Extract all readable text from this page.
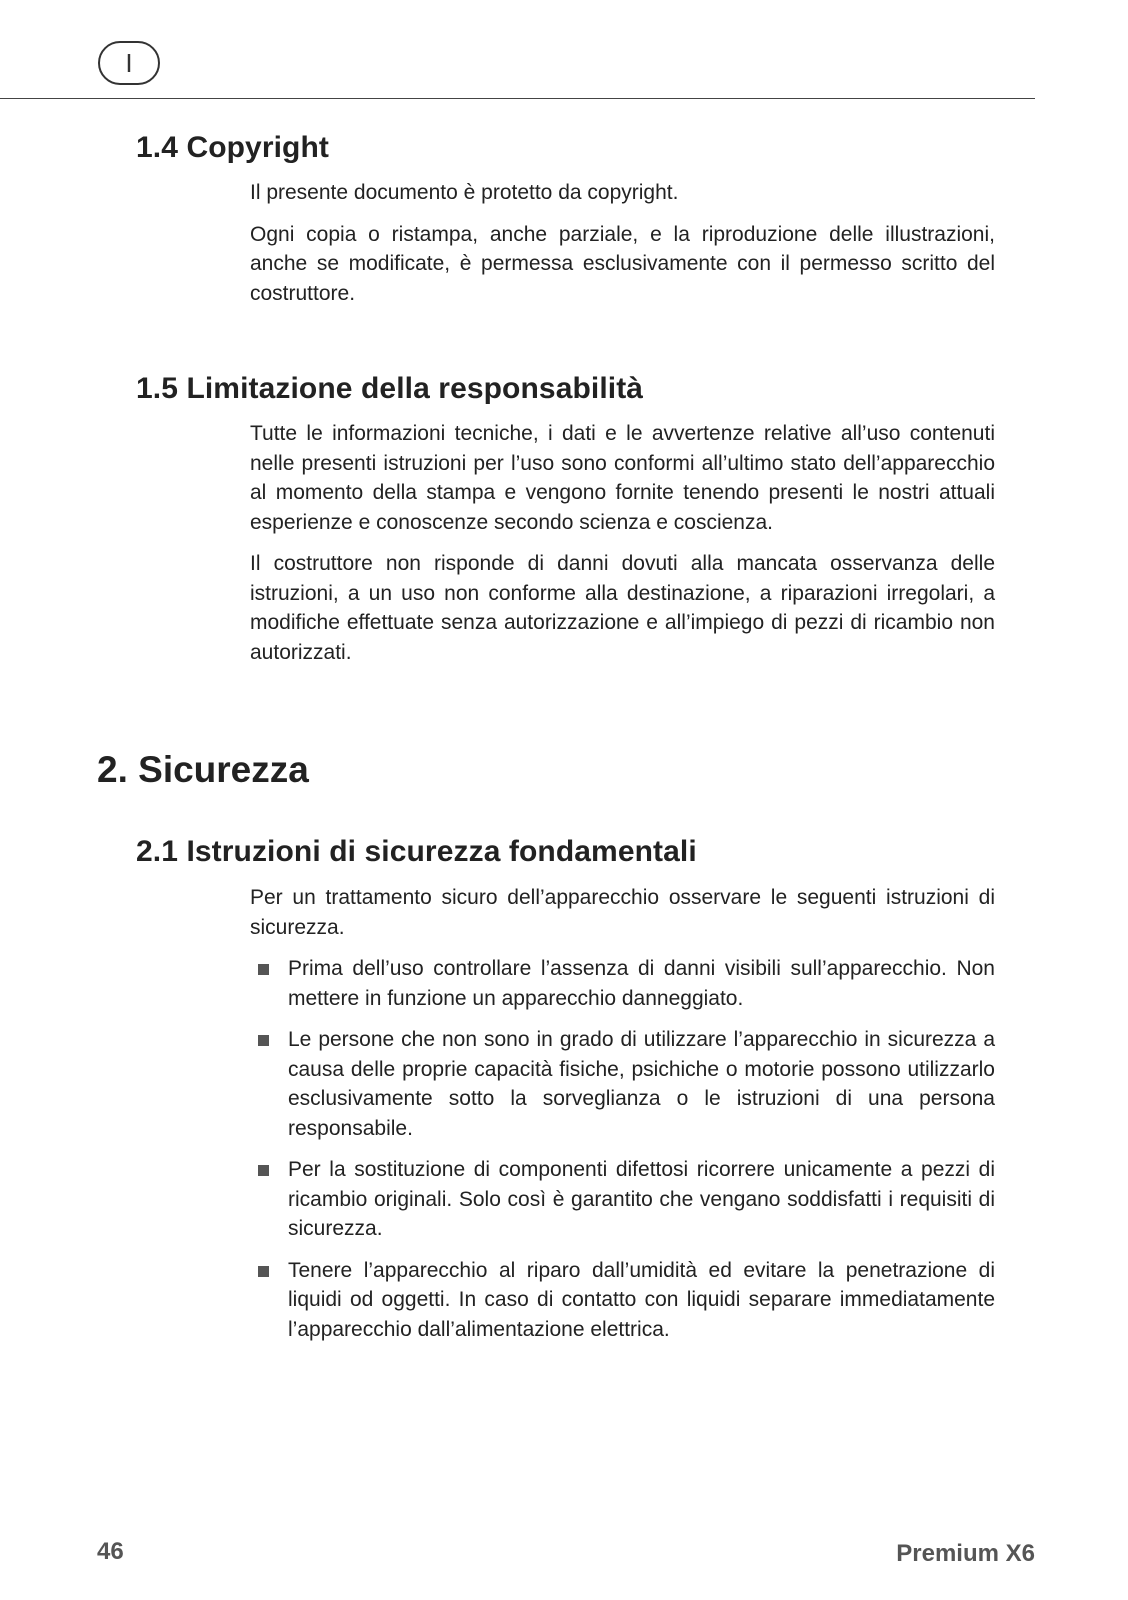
I
1.4 Copyright

Il presente documento è protetto da copyright.

Ogni copia o ristampa, anche parziale, e la riproduzione delle illustrazioni, anche se modificate, è permessa esclusivamente con il permesso scritto del costruttore.

1.5 Limitazione della responsabilità

Tutte le informazioni tecniche, i dati e le avvertenze relative all’uso contenuti nelle presenti istruzioni per l’uso sono conformi all’ultimo stato dell’apparecchio al momento della stampa e vengono fornite tenendo presenti le nostri attuali esperienze e conoscenze secondo scienza e coscienza.

Il costruttore non risponde di danni dovuti alla mancata osservanza delle istruzioni, a un uso non conforme alla destinazione, a riparazioni irregolari, a modifiche effettuate senza autorizzazione e all’impiego di pezzi di ricambio non autorizzati.

2. Sicurezza
2.1 Istruzioni di sicurezza fondamentali

Per un trattamento sicuro dell’apparecchio osservare le seguenti istruzioni di sicurezza.

Prima dell’uso controllare l’assenza di danni visibili sull’apparecchio. Non mettere in funzione un apparecchio danneggiato.
Le persone che non sono in grado di utilizzare l’apparecchio in sicurezza a causa delle proprie capacità fisiche, psichiche o motorie possono utilizzarlo esclusivamente sotto la sorveglianza o le istruzioni di una persona responsabile.
Per la sostituzione di componenti difettosi ricorrere unicamente a pezzi di ricambio originali. Solo così è garantito che vengano soddisfatti i requisiti di sicurezza.
Tenere l’apparecchio al riparo dall’umidità ed evitare la penetrazione di liquidi od oggetti. In caso di contatto con liquidi separare immediatamente l’apparecchio dall’alimentazione elettrica.
46	Premium X6
